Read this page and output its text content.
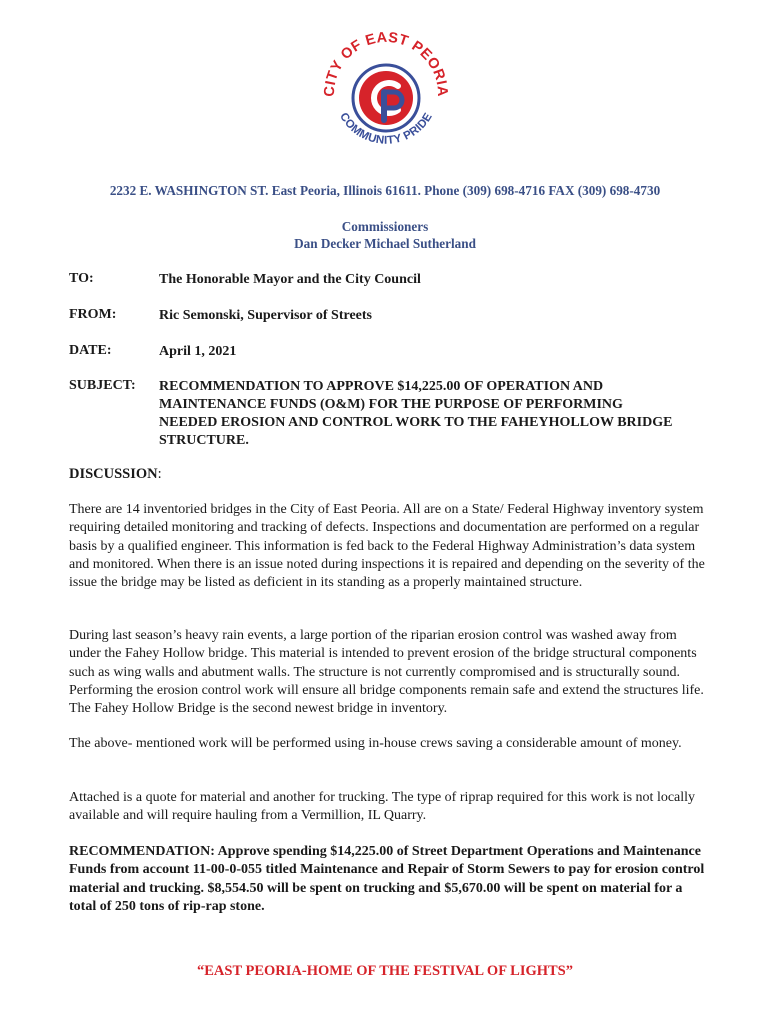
CITY OF EAST PEORIA
COMMUNITY PRIDE
2232 E. WASHINGTON ST. East Peoria, Illinois 61611. Phone (309) 698-4716 FAX (309) 698-4730
Commissioners
Dan Decker Michael Sutherland
TO:	The Honorable Mayor and the City Council
FROM:	Ric Semonski, Supervisor of Streets
DATE:	April 1, 2021
SUBJECT:	RECOMMENDATION TO APPROVE $14,225.00 OF OPERATION AND MAINTENANCE FUNDS (O&M) FOR THE PURPOSE OF PERFORMING NEEDED EROSION AND CONTROL WORK TO THE FAHEYHOLLOW BRIDGE STRUCTURE.
DISCUSSION:

There are 14 inventoried bridges in the City of East Peoria. All are on a State/ Federal Highway inventory system requiring detailed monitoring and tracking of defects. Inspections and documentation are performed on a regular basis by a qualified engineer. This information is fed back to the Federal Highway Administration’s data system and monitored. When there is an issue noted during inspections it is repaired and depending on the severity of the issue the bridge may be listed as deficient in its standing as a properly maintained structure.

During last season’s heavy rain events, a large portion of the riparian erosion control was washed away from under the Fahey Hollow bridge. This material is intended to prevent erosion of the bridge structural components such as wing walls and abutment walls. The structure is not currently compromised and is structurally sound. Performing the erosion control work will ensure all bridge components remain safe and extend the structures life. The Fahey Hollow Bridge is the second newest bridge in inventory.

The above- mentioned work will be performed using in-house crews saving a considerable amount of money.

Attached is a quote for material and another for trucking. The type of riprap required for this work is not locally available and will require hauling from a Vermillion, IL Quarry.

RECOMMENDATION: Approve spending $14,225.00 of Street Department Operations and Maintenance Funds from account 11-00-0-055 titled Maintenance and Repair of Storm Sewers to pay for erosion control material and trucking. $8,554.50 will be spent on trucking and $5,670.00 will be spent on material for a total of 250 tons of rip-rap stone.

“EAST PEORIA-HOME OF THE FESTIVAL OF LIGHTS”
